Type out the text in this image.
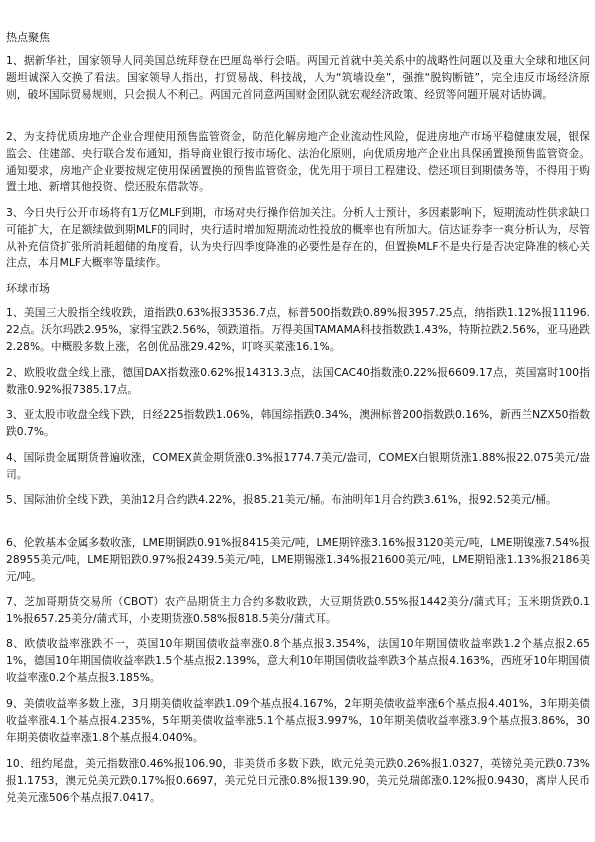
热点聚焦
1、据新华社，国家领导人同美国总统拜登在巴厘岛举行会晤。两国元首就中美关系中的战略性问题以及重大全球和地区问题坦诚深入交换了看法。国家领导人指出，打贸易战、科技战，人为“筑墙设垒”，强推“脱钩断链”，完全违反市场经济原则，破坏国际贸易规则，只会损人不利己。两国元首同意两国财金团队就宏观经济政策、经贸等问题开展对话协调。
2、为支持优质房地产企业合理使用预售监管资金，防范化解房地产企业流动性风险，促进房地产市场平稳健康发展，银保监会、住建部、央行联合发布通知，指导商业银行按市场化、法治化原则，向优质房地产企业出具保函置换预售监管资金。通知要求，房地产企业要按规定使用保函置换的预售监管资金，优先用于项目工程建设、偿还项目到期债务等，不得用于购置土地、新增其他投资、偿还股东借款等。
3、今日央行公开市场将有1万亿MLF到期，市场对央行操作倍加关注。分析人士预计，多因素影响下，短期流动性供求缺口可能扩大，在足额续做到期MLF的同时，央行适时增加短期流动性投放的概率也有所加大。信达证券李一爽分析认为，尽管从补充信贷扩张所消耗超储的角度看，认为央行四季度降准的必要性是存在的，但置换MLF不是央行是否决定降准的核心关注点，本月MLF大概率等量续作。
环球市场
1、美国三大股指全线收跌，道指跌0.63%报33536.7点，标普500指数跌0.89%报3957.25点，纳指跌1.12%报11196.22点。沃尔玛跌2.95%，家得宝跌2.56%，领跌道指。万得美国TAMAMA科技指数跌1.43%，特斯拉跌2.56%，亚马逊跌2.28%。中概股多数上涨，名创优品涨29.42%，叮咚买菜涨16.1%。
2、欧股收盘全线上涨，德国DAX指数涨0.62%报14313.3点，法国CAC40指数涨0.22%报6609.17点，英国富时100指数涨0.92%报7385.17点。
3、亚太股市收盘全线下跌，日经225指数跌1.06%，韩国综指跌0.34%，澳洲标普200指数跌0.16%，新西兰NZX50指数跌0.7%。
4、国际贵金属期货普遍收涨，COMEX黄金期货涨0.3%报1774.7美元/盎司，COMEX白银期货涨1.88%报22.075美元/盎司。
5、国际油价全线下跌，美油12月合约跌4.22%，报85.21美元/桶。布油明年1月合约跌3.61%，报92.52美元/桶。
6、伦敦基本金属多数收涨，LME期铜跌0.91%报8415美元/吨，LME期锌涨3.16%报3120美元/吨，LME期镍涨7.54%报28955美元/吨，LME期铝跌0.97%报2439.5美元/吨，LME期锡涨1.34%报21600美元/吨，LME期铅涨1.13%报2186美元/吨。
7、芝加哥期货交易所（CBOT）农产品期货主力合约多数收跌，大豆期货跌0.55%报1442美分/蒲式耳；玉米期货跌0.11%报657.25美分/蒲式耳，小麦期货涨0.58%报818.5美分/蒲式耳。
8、欧债收益率涨跌不一，英国10年期国债收益率涨0.8个基点报3.354%，法国10年期国债收益率跌1.2个基点报2.651%，德国10年期国债收益率跌1.5个基点报2.139%，意大利10年期国债收益率跌3个基点报4.163%，西班牙10年期国债收益率涨0.2个基点报3.185%。
9、美债收益率多数上涨，3月期美债收益率跌1.09个基点报4.167%，2年期美债收益率涨6个基点报4.401%，3年期美债收益率涨4.1个基点报4.235%，5年期美债收益率涨5.1个基点报3.997%，10年期美债收益率涨3.9个基点报3.86%，30年期美债收益率涨1.8个基点报4.040%。
10、纽约尾盘，美元指数涨0.46%报106.90，非美货币多数下跌，欧元兑美元跌0.26%报1.0327，英镑兑美元跌0.73%报1.1753，澳元兑美元跌0.17%报0.6697，美元兑日元涨0.8%报139.90，美元兑瑞郎涨0.12%报0.9430，离岸人民币兑美元涨506个基点报7.0417。
